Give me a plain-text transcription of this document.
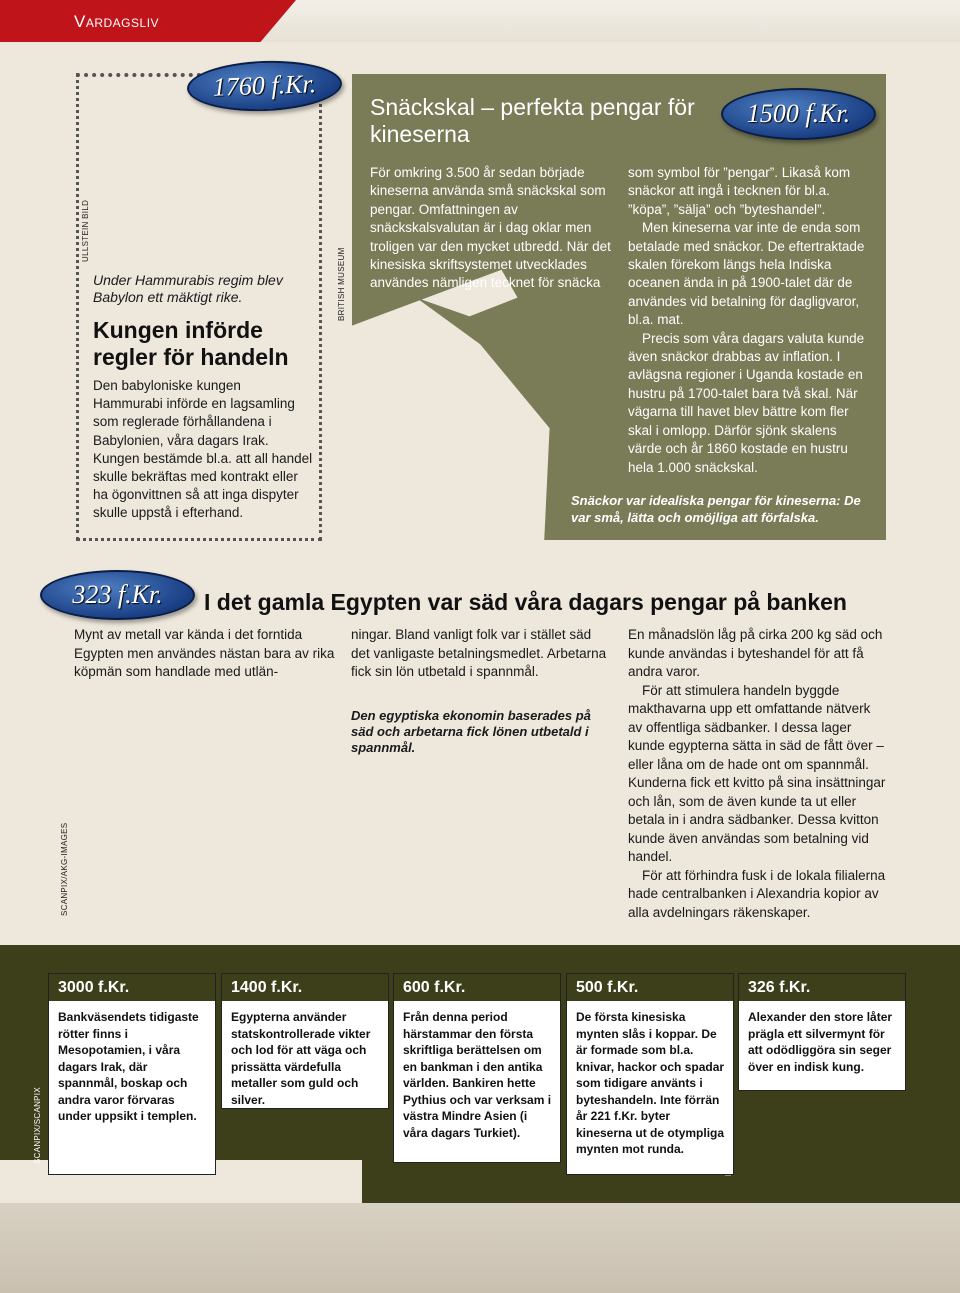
Vardagsliv
ULLSTEIN BILD
1760 f.Kr.
Under Hammurabis regim blev Babylon ett mäktigt rike.
Kungen införde regler för handeln
Den babyloniske kungen Hammurabi införde en lagsamling som reglerade förhållandena i Babylonien, våra dagars Irak. Kungen bestämde bl.a. att all handel skulle bekräftas med kontrakt eller ha ögonvittnen så att inga dispyter skulle uppstå i efterhand.
BRITISH MUSEUM
Snäckskal – perfekta pengar för kineserna
1500 f.Kr.
För omkring 3.500 år sedan började kineserna använda små snäckskal som pengar. Omfattningen av snäckskalsvalutan är i dag oklar men troligen var den mycket utbredd. När det kinesiska skriftsystemet utvecklades användes nämligen tecknet för snäcka

som symbol för ”pengar”. Likaså kom snäckor att ingå i tecknen för bl.a. ”köpa”, ”sälja” och ”byteshandel”.

Men kineserna var inte de enda som betalade med snäckor. De eftertraktade skalen förekom längs hela Indiska oceanen ända in på 1900-talet där de användes vid betalning för dagligvaror, bl.a. mat.

Precis som våra dagars valuta kunde även snäckor drabbas av inflation. I avlägsna regioner i Uganda kostade en hustru på 1700-talet bara två skal. När vägarna till havet blev bättre kom fler skal i omlopp. Därför sjönk skalens värde och år 1860 kostade en hustru hela 1.000 snäckskal.

Snäckor var idealiska pengar för kineserna: De var små, lätta och omöjliga att förfalska.
323 f.Kr.	I det gamla Egypten var säd våra dagars pengar på banken
Mynt av metall var kända i det forntida Egypten men användes nästan bara av rika köpmän som handlade med utlän-
ningar. Bland vanligt folk var i stället säd det vanligaste betalningsmedlet. Arbetarna fick sin lön utbetald i spannmål.
Den egyptiska ekonomin baserades på säd och arbetarna fick lönen utbetald i spannmål.

En månadslön låg på cirka 200 kg säd och kunde användas i byteshandel för att få andra varor.

För att stimulera handeln byggde makthavarna upp ett omfattande nätverk av offentliga sädbanker. I dessa lager kunde egypterna sätta in säd de fått över – eller låna om de hade ont om spannmål. Kunderna fick ett kvitto på sina insättningar och lån, som de även kunde ta ut eller betala in i andra sädbanker. Dessa kvitton kunde även användas som betalning vid handel.

För att förhindra fusk i de lokala filialerna hade centralbanken i Alexandria kopior av alla avdelningars räkenskaper.

SCANPIX/AKG-IMAGES
SCANPIX/SCANPIX
3000 f.Kr.
Bankväsendets tidigaste rötter finns i Mesopotamien, i våra dagars Irak, där spannmål, boskap och andra varor förvaras under uppsikt i templen.
1400 f.Kr.
Egypterna använder statskontrollerade vikter och lod för att väga och prissätta värdefulla metaller som guld och silver.
600 f.Kr.
Från denna period härstammar den första skriftliga berättelsen om en bankman i den antika världen. Bankiren hette Pythius och var verksam i västra Mindre Asien (i våra dagars Turkiet).
500 f.Kr.
De första kinesiska mynten slås i koppar. De är formade som bl.a. knivar, hackor och spadar som tidigare använts i byteshandeln. Inte förrän år 221 f.Kr. byter kineserna ut de otympliga mynten mot runda.
326 f.Kr.
Alexander den store låter prägla ett silvermynt för att odödliggöra sin seger över en indisk kung.
